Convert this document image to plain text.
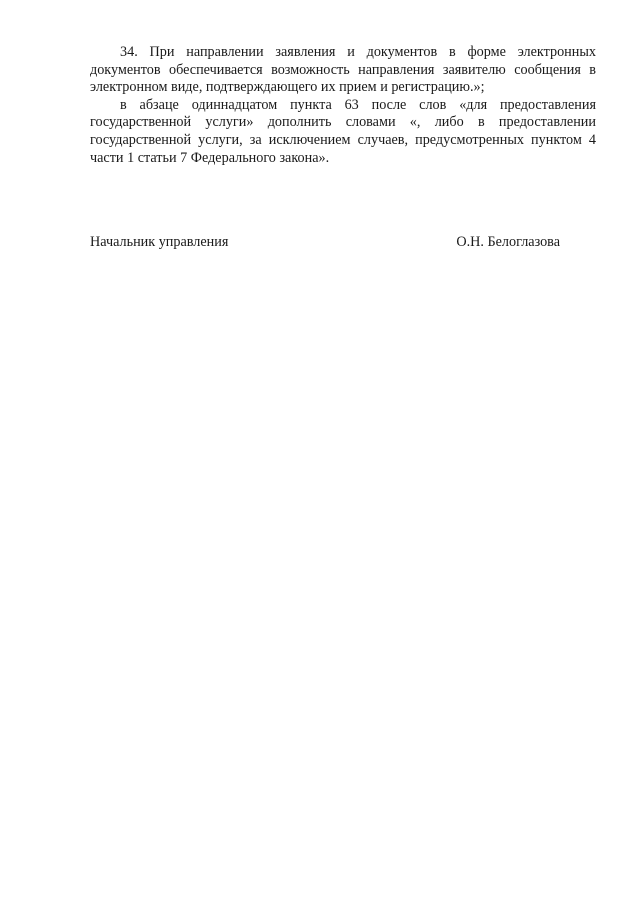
34. При направлении заявления и документов в форме электронных документов обеспечивается возможность направления заявителю сообщения в электронном виде, подтверждающего их прием и регистрацию.»;

в абзаце одиннадцатом пункта 63 после слов «для предоставления государственной услуги» дополнить словами «, либо в предоставлении государственной услуги, за исключением случаев, предусмотренных пунктом 4 части 1 статьи 7 Федерального закона».

Начальник управления	О.Н. Белоглазова
